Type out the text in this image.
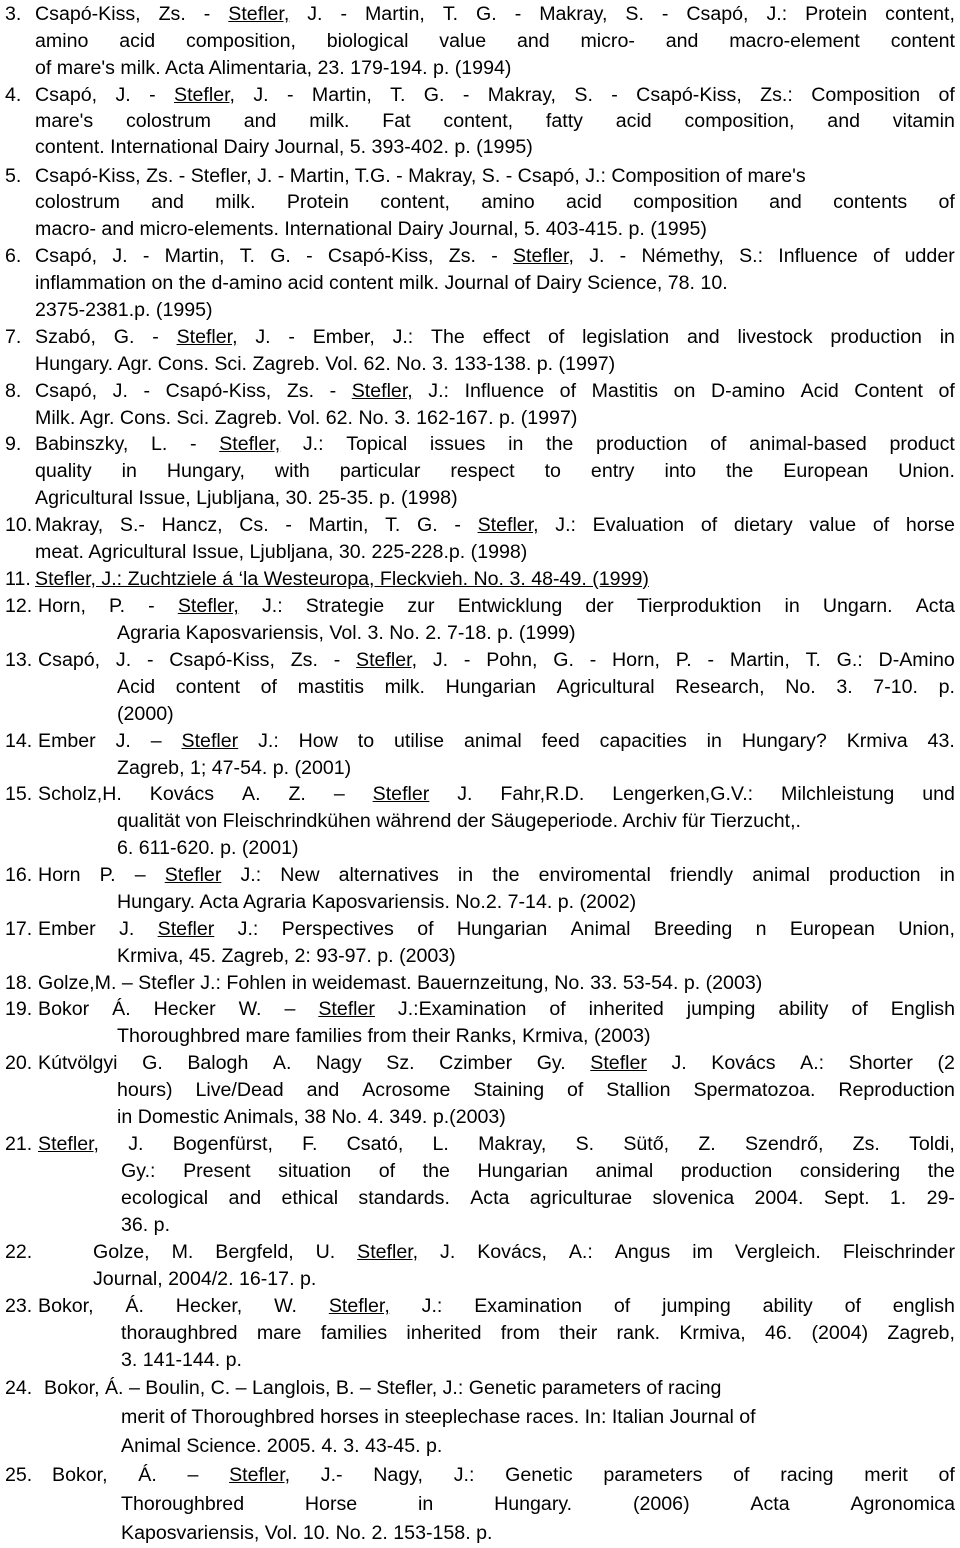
3. Csapó-Kiss, Zs. - Stefler, J. - Martin, T. G. - Makray, S. - Csapó, J.: Protein content,
amino acid composition, biological value and micro- and macro-element content
of mare's milk. Acta Alimentaria, 23. 179-194. p. (1994)
4. Csapó, J. - Stefler, J. - Martin, T. G. - Makray, S. - Csapó-Kiss, Zs.: Composition of
mare's colostrum and milk. Fat content, fatty acid composition, and vitamin
content. International Dairy Journal, 5. 393-402. p. (1995)
5. Csapó-Kiss, Zs. - Stefler, J. - Martin, T.G. - Makray, S. - Csapó, J.: Composition of mare's
colostrum and milk. Protein content, amino acid composition and contents of
macro- and micro-elements. International Dairy Journal, 5. 403-415. p. (1995)
6. Csapó, J. - Martin, T. G. - Csapó-Kiss, Zs. - Stefler, J. - Némethy, S.: Influence of udder
inflammation on the d-amino acid content milk. Journal of Dairy Science, 78. 10.
2375-2381.p. (1995)
7. Szabó, G. - Stefler, J. - Ember, J.: The effect of legislation and livestock production in
Hungary. Agr. Cons. Sci. Zagreb. Vol. 62. No. 3. 133-138. p. (1997)
8. Csapó, J. - Csapó-Kiss, Zs. - Stefler, J.: Influence of Mastitis on D-amino Acid Content of
Milk. Agr. Cons. Sci. Zagreb. Vol. 62. No. 3. 162-167. p. (1997)
9. Babinszky, L. - Stefler, J.: Topical issues in the production of animal-based product
quality in Hungary, with particular respect to entry into the European Union.
Agricultural Issue, Ljubljana, 30. 25-35. p. (1998)
10. Makray, S.- Hancz, Cs. - Martin, T. G. - Stefler, J.: Evaluation of dietary value of horse
meat. Agricultural Issue, Ljubljana, 30. 225-228.p. (1998)
11. Stefler, J.: Zuchtziele á ‘la Westeuropa, Fleckvieh. No. 3. 48-49. (1999)
12. Horn, P. - Stefler, J.: Strategie zur Entwicklung der Tierproduktion in Ungarn. Acta
Agraria Kaposvariensis, Vol. 3. No. 2. 7-18. p. (1999)
13. Csapó, J. - Csapó-Kiss, Zs. - Stefler, J. - Pohn, G. - Horn, P. - Martin, T. G.: D-Amino
Acid content of mastitis milk. Hungarian Agricultural Research, No. 3. 7-10. p.
(2000)
14. Ember J. – Stefler J.: How to utilise animal feed capacities in Hungary? Krmiva 43.
Zagreb, 1; 47-54. p. (2001)
15. Scholz,H. Kovács A. Z. – Stefler J. Fahr,R.D. Lengerken,G.V.: Milchleistung und
qualität von Fleischrindkühen während der Säugeperiode. Archiv für Tierzucht,.
6. 611-620. p. (2001)
16. Horn P. – Stefler J.: New alternatives in the enviromental friendly animal production in
Hungary. Acta Agraria Kaposvariensis. No.2. 7-14. p. (2002)
17. Ember J. Stefler J.: Perspectives of Hungarian Animal Breeding n European Union,
Krmiva, 45. Zagreb, 2: 93-97. p. (2003)
18. Golze,M. – Stefler J.: Fohlen in weidemast. Bauernzeitung, No. 33. 53-54. p. (2003)
19. Bokor Á. Hecker W. – Stefler J.:Examination of inherited jumping ability of English
Thoroughbred mare families from their Ranks, Krmiva, (2003)
20. Kútvölgyi G. Balogh A. Nagy Sz. Czimber Gy. Stefler J. Kovács A.: Shorter (2
hours) Live/Dead and Acrosome Staining of Stallion Spermatozoa. Reproduction
in Domestic Animals, 38 No. 4. 349. p.(2003)
21. Stefler, J. Bogenfürst, F. Csató, L. Makray, S. Sütő, Z. Szendrő, Zs. Toldi,
Gy.: Present situation of the Hungarian animal production considering the
ecological and ethical standards. Acta agriculturae slovenica 2004. Sept. 1. 29-
36. p.
22.	Golze, M. Bergfeld, U. Stefler, J. Kovács, A.: Angus im Vergleich. Fleischrinder
Journal, 2004/2. 16-17. p.
23. Bokor, Á. Hecker, W. Stefler, J.: Examination of jumping ability of english
thoraughbred mare families inherited from their rank. Krmiva, 46. (2004) Zagreb,
3. 141-144. p.
24. Bokor, Á. – Boulin, C. – Langlois, B. – Stefler, J.: Genetic parameters of racing
merit of Thoroughbred horses in steeplechase races. In: Italian Journal of
Animal Science. 2005. 4. 3. 43-45. p.
25. Bokor, Á. – Stefler, J.- Nagy, J.: Genetic parameters of racing merit of
Thoroughbred	Horse	in	Hungary.	(2006)	Acta	Agronomica
Kaposvariensis, Vol. 10. No. 2. 153-158. p.
